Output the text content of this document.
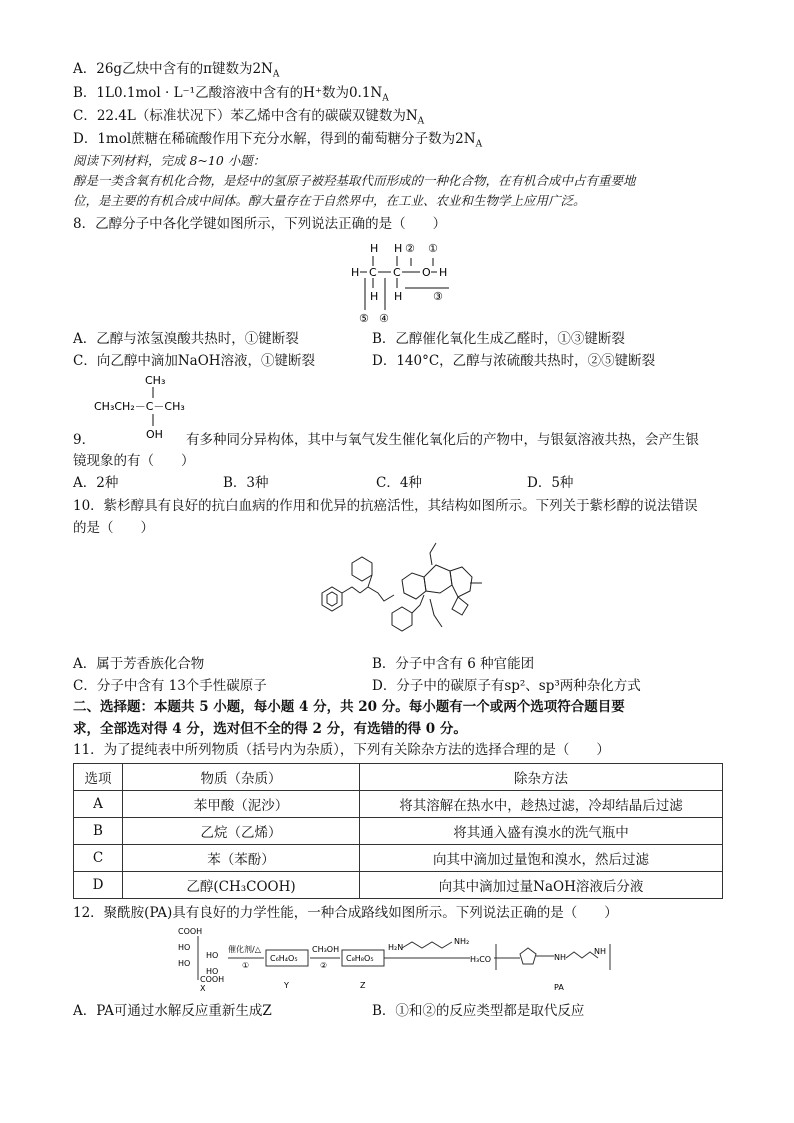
A．26g乙炔中含有的π键数为$2N_A$
B．1L0.1mol · L⁻¹乙酸溶液中含有的H⁺数为$0.1N_A$
C．22.4L（标准状况下）苯乙烯中含有的碳碳双键数为$N_A$
D．1mol蔗糖在稀硫酸作用下充分水解，得到的葡萄糖分子数为$2N_A$
阅读下列材料，完成 8~10 小题：
醇是一类含氧有机化合物，是烃中的氢原子被羟基取代而形成的一种化合物，在有机合成中占有重要地
位，是主要的有机合成中间体。醇大量存在于自然界中，在工业、农业和生物学上应用广泛。
8．乙醇分子中各化学键如图所示，下列说法正确的是（　　）
H H ② ①
H C C O H
H H	③
⑤ ④
A．乙醇与浓氢溴酸共热时，①键断裂	B．乙醇催化氧化生成乙醛时，①③键断裂
C．向乙醇中滴加NaOH溶液，①键断裂	D．140°C，乙醇与浓硫酸共热时，②⑤键断裂
CH₃
CH₃CH₂－C－CH₃
OH
9．	有多种同分异构体，其中与氧气发生催化氧化后的产物中，与银氨溶液共热，会产生银
镜现象的有（　　）
A．2种	B．3种	C．4种	D．5种
10．紫杉醇具有良好的抗白血病的作用和优异的抗癌活性，其结构如图所示。下列关于紫杉醇的说法错误
的是（　　）
A．属于芳香族化合物	B．分子中含有 6 种官能团
C．分子中含有 13个手性碳原子	D．分子中的碳原子有sp²、sp³两种杂化方式
二、选择题：本题共 5 小题，每小题 4 分，共 20 分。每小题有一个或两个选项符合题目要
求，全部选对得 4 分，选对但不全的得 2 分，有选错的得 0 分。
11．为了提纯表中所列物质（括号内为杂质），下列有关除杂方法的选择合理的是（　　）
选项	物质（杂质）	除杂方法
A	苯甲酸（泥沙）	将其溶解在热水中，趁热过滤，冷却结晶后过滤
B	乙烷（乙烯）	将其通入盛有溴水的洗气瓶中
C	苯（苯酚）	向其中滴加过量饱和溴水，然后过滤
D	乙醇(CH₃COOH)	向其中滴加过量NaOH溶液后分液
12．聚酰胺(PA)具有良好的力学性能，一种合成路线如图所示。下列说法正确的是（　　）
COOH
HO
HO
HO
HO
COOH
X
催化剂/△
①
C₆H₄O₅
Y
CH₃OH
②
C₈H₈O₅
Z
H₂N
NH₂
H₃CO	NH
NH
PA
A．PA可通过水解反应重新生成Z	B．①和②的反应类型都是取代反应
